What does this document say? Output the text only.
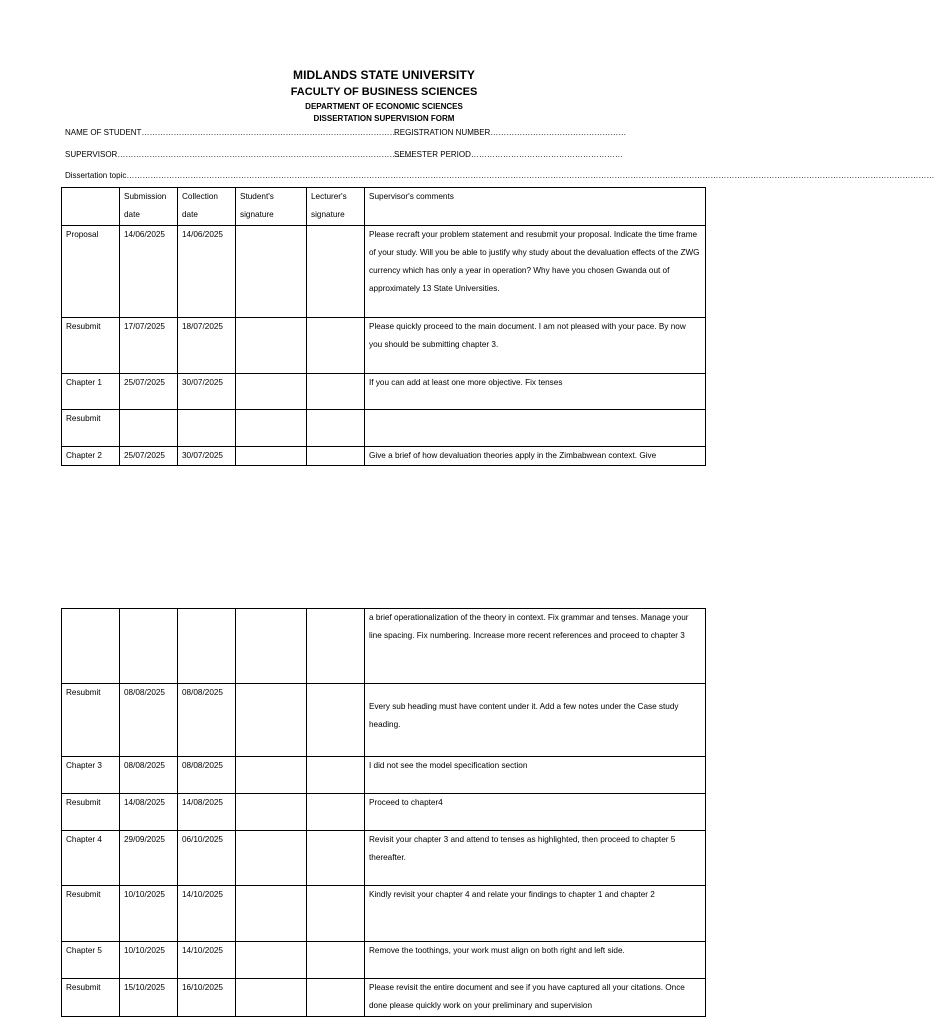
MIDLANDS STATE UNIVERSITY
FACULTY OF BUSINESS SCIENCES
DEPARTMENT OF ECONOMIC SCIENCES
DISSERTATION SUPERVISION FORM
NAME OF STUDENT……………………………………………………………………………………………
REGISTRATION NUMBER……………………………………………
SUPERVISOR…………………………………………………………………………………………………
SEMESTER PERIOD…………………………………………………
Dissertation topic……………………………………………………………………………………………………………………………………………………………………………………………………………………………………………………………………………
	Submission date	Collection date	Student's signature	Lecturer's signature	Supervisor's comments
Proposal	14/06/2025	14/06/2025			Please recraft your problem statement and resubmit your proposal. Indicate the time frame of your study. Will you be able to justify why study about the devaluation effects of the ZWG currency which has only a year in operation? Why have you chosen Gwanda out of approximately 13 State Universities.
Resubmit	17/07/2025	18/07/2025			Please quickly proceed to the main document. I am not pleased with your pace. By now you should be submitting chapter 3.
Chapter 1	25/07/2025	30/07/2025			If you can add at least one more objective. Fix tenses
Resubmit					
Chapter 2	25/07/2025	30/07/2025			Give a brief of how devaluation theories apply in the Zimbabwean context. Give
					a brief operationalization of the theory in context. Fix grammar and tenses. Manage your line spacing. Fix numbering. Increase more recent references and proceed to chapter 3
Resubmit	08/08/2025	08/08/2025			Every sub heading must have content under it. Add a few notes under the Case study heading.

Chapter 3	08/08/2025	08/08/2025			I did not see the model specification section
Resubmit	14/08/2025	14/08/2025			Proceed to chapter4
Chapter 4	29/09/2025	06/10/2025			Revisit your chapter 3 and attend to tenses as highlighted, then proceed to chapter 5 thereafter.
Resubmit	10/10/2025	14/10/2025			Kindly revisit your chapter 4 and relate your findings to chapter 1 and chapter 2
Chapter 5	10/10/2025	14/10/2025			Remove the toothings, your work must align on both right and left side.
Resubmit	15/10/2025	16/10/2025			Please revisit the entire document and see if you have captured all your citations. Once done please quickly work on your preliminary and supervision
